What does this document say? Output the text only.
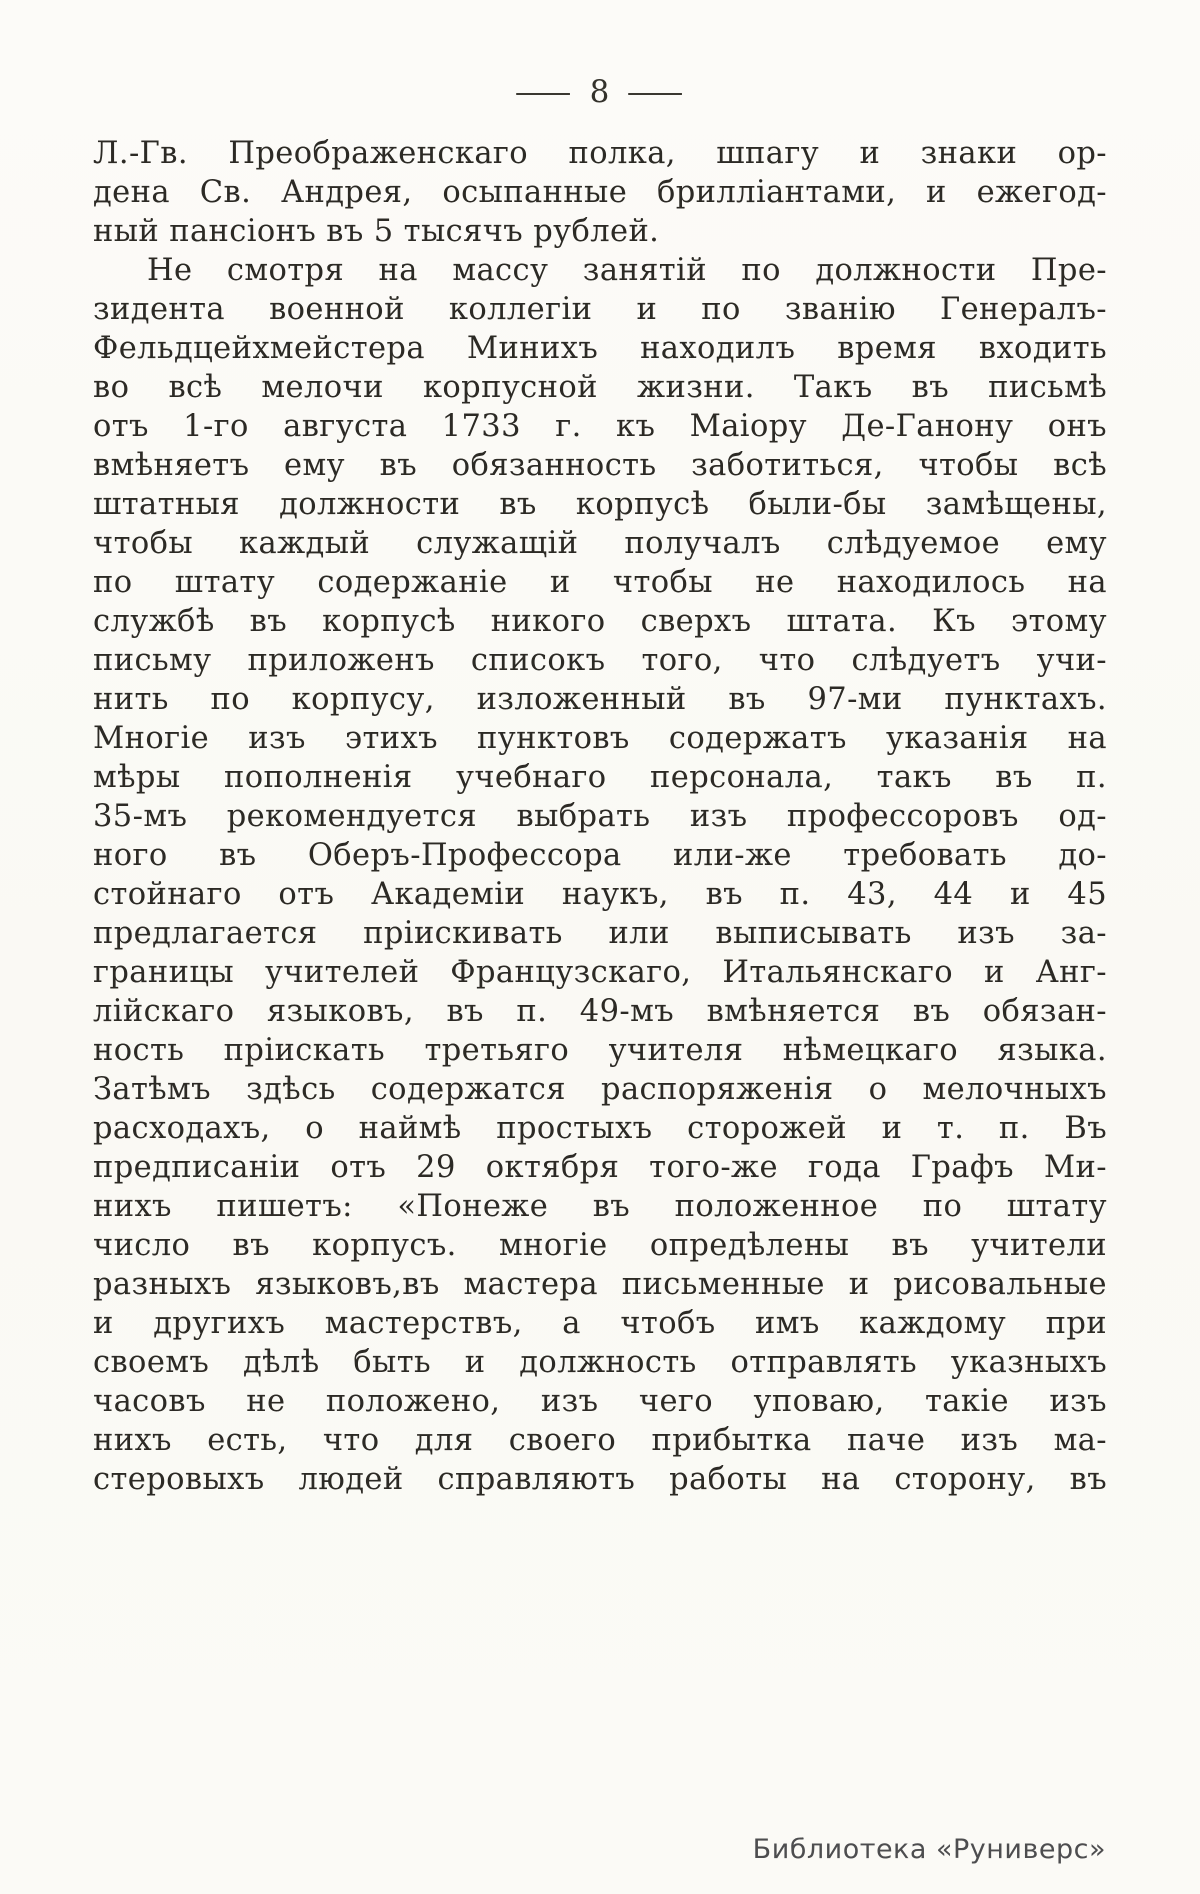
— 8 —
Л.-Гв. Преображенскаго полка, шпагу и знаки ор-
дена Св. Андрея, осыпанные брилліантами, и ежегод-
ный пансіонъ въ 5 тысячъ рублей.
Не смотря на массу занятій по должности Пре-
зидента военной коллегіи и по званію Генералъ-
Фельдцейхмейстера Минихъ находилъ время входить
во всѣ мелочи корпусной жизни. Такъ въ письмѣ
отъ 1-го августа 1733 г. къ Маіору Де-Ганону онъ
вмѣняетъ ему въ обязанность заботиться, чтобы всѣ
штатныя должности въ корпусѣ были-бы замѣщены,
чтобы каждый служащій получалъ слѣдуемое ему
по штату содержаніе и чтобы не находилось на
службѣ въ корпусѣ никого сверхъ штата. Къ этому
письму приложенъ списокъ того, что слѣдуетъ учи-
нить по корпусу, изложенный въ 97-ми пунктахъ.
Многіе изъ этихъ пунктовъ содержатъ указанія на
мѣры пополненія учебнаго персонала, такъ въ п.
35-мъ рекомендуется выбрать изъ профессоровъ од-
ного въ Оберъ-Профессора или-же требовать до-
стойнаго отъ Академіи наукъ, въ п. 43, 44 и 45
предлагается пріискивать или выписывать изъ за-
границы учителей Французскаго, Итальянскаго и Анг-
лійскаго языковъ, въ п. 49-мъ вмѣняется въ обязан-
ность пріискать третьяго учителя нѣмецкаго языка.
Затѣмъ здѣсь содержатся распоряженія о мелочныхъ
расходахъ, о наймѣ простыхъ сторожей и т. п. Въ
предписаніи отъ 29 октября того-же года Графъ Ми-
нихъ пишетъ: «Понеже въ положенное по штату
число въ корпусъ. многіе опредѣлены въ учители
разныхъ языковъ,въ мастера письменные и рисовальные
и другихъ мастерствъ, а чтобъ имъ каждому при
своемъ дѣлѣ быть и должность отправлять указныхъ
часовъ не положено, изъ чего уповаю, такіе изъ
нихъ есть, что для своего прибытка паче изъ ма-
стеровыхъ людей справляютъ работы на сторону, въ
Библиотека «Руниверс»
